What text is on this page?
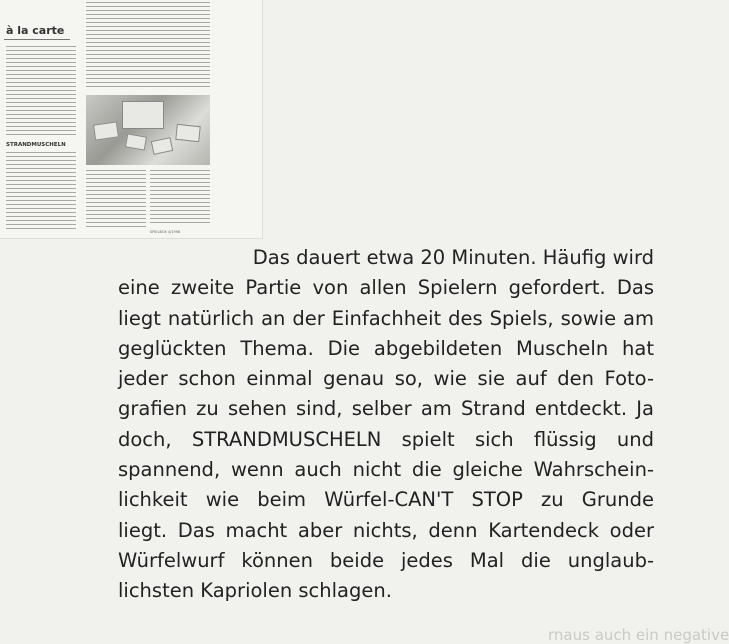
à la carte
STRANDMUSCHELN
SPIELBOX 4/1998
Das dauert etwa 20 Minuten. Häufig wird
eine zweite Partie von allen Spielern gefordert. Das
liegt natürlich an der Einfachheit des Spiels, sowie am
geglückten Thema. Die abgebildeten Muscheln hat
jeder schon einmal genau so, wie sie auf den Foto-
grafien zu sehen sind, selber am Strand entdeckt. Ja
doch, STRANDMUSCHELN spielt sich flüssig und
spannend, wenn auch nicht die gleiche Wahrschein-
lichkeit wie beim Würfel-CAN'T STOP zu Grunde
liegt. Das macht aber nichts, denn Kartendeck oder
Würfelwurf können beide jedes Mal die unglaub-
lichsten Kapriolen schlagen.
rnaus auch ein negative
